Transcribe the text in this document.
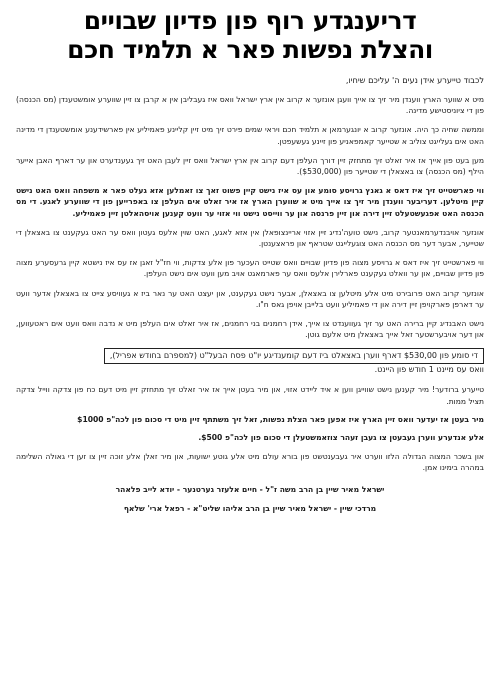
דריענגדע רוף פון פדיון שבויים
והצלת נפשות פאר א תלמיד חכם

לכבוד טייערע אידן נעים ה' עליכם שיחיו,

מיט א שווער הארץ ווענדן מיר זיך צו אייך וועגן אונזער א קרוב אין ארץ ישראל וואס איז געבליבן אין א קרבן צו זיין שווערע אומשטענדן (מס הכנסה) פון די ציוניסטישע מדינה.

וממשה שחיה כך היה. אונזער קרוב א יונגערמאן א תלמיד חכם ויראי שמים פירט זיך מיט זיין קליינע פאמיליע אין פארשידענע אומשטענדן די מדינה האט אים געלייגט צוליב א שטייער קאמפאניע פון זיינע געשעפטן.

מען בעט פון אייך אז איר זאלט זיך מתחזק זיין דורך העלפן דעם קרוב אין ארץ ישראל וואס זיין לעבן האט זיך געענדערט און ער דארף האבן אייער הילף (מס הכנסה) צו באצאלן די שטייער פון ($530,000).

ווי פארשטייט זיך איז דאס א גאנץ גרויסע סומע און עס איז נישט קיין פשוט זאך צו זאמלען אזא געלט פאר א משפחה וואס האט נישט קיין מיטלען. דעריבער ווענדן מיר זיך צו אייך מיט א שווערן הארץ אז איר זאלט אים העלפן צו באפרייען פון די שווערע לאגע. די מס הכנסה האט אפגעשטעלט זיין דירה און זיין פרנסה און ער ווייסט נישט ווי אזוי ער וועט קענען אויסהאלטן זיין פאמיליע.

אונזער אויבנדערמאנטער קרוב, נישט טועה'נדיג זיין אזוי אריינצופאלן אין אזא לאגע, האט שוין אלעס געטון וואס ער האט געקענט צו באצאלן די שטייער, אבער דער מס הכנסה האט צוגעלייגט שטראף און פראצענטן.

ווי פארשטייט זיך איז דאס א גרויסע מצוה פון פדיון שבויים וואס שטייט העכער פון אלע צדקות, ווי חז"ל זאגן אז עס איז נישטא קיין גרעסערע מצוה פון פדיון שבויים, און ער וואלט געקענט פארלירן אלעס וואס ער פארמאגט אויב מען וועט אים נישט העלפן.

אונזער קרוב האט פרובירט מיט אלע מיטלען צו באצאלן, אבער נישט געקענט, און יעצט האט ער נאר ביז א געוויסע צייט צו באצאלן אדער וועט ער דארפן פארקויפן זיין דירה און די פאמיליע וועט בלייבן אויפן גאס ח"ו.

נישט האבנדיג קיין ברירה האט ער זיך געווענדט צו אייך, אידן רחמנים בני רחמנים, אז איר זאלט אים העלפן מיט א נדבה וואס וועט אים ראטעווען, און דער אויבערשטער זאל אייך באצאלן מיט אלעם גוטן.

די סומע פון $530,00 דארף ווערן באצאלט ביז דעם קומענדיגע יו"ט פסח הבעל"ט (למספרם בחודש אפריל),
וואס עס מיינט 1 חודש פון היינט.

טייערע ברודער! מיר קענען נישט שווייגן ווען א איד ליידט אזוי, און מיר בעטן אייך אז איר זאלט זיך מתחזק זיין מיט דעם כח פון צדקה ווייל צדקה תציל ממות.

מיר בעטן אז יעדער וואס זיין הארץ איז אפען פאר הצלת נפשות, זאל זיך משתתף זיין מיט די סכום פון לכה"פ $1000

אלע אנדערע ווערן געבעטן צו געבן זעהר צוזאמשטעלן די סכום פון לכה"פ $500.

און בשכר המצוה הגדולה הלזו ווערט איר געבענטשט פון בורא עולם מיט אלע גוטע ישועות, און מיר זאלן אלע זוכה זיין צו זען די גאולה השלימה במהרה בימינו אמן.

ישראל מאיר שיין בן הרב משה ז"ל - חיים אלעזר גערטנער - יודא לייב פלאהר

מרדכי שיין - ישראל מאיר שיין בן הרב אליהו שליט"א - רפאל ארי' שלאף
